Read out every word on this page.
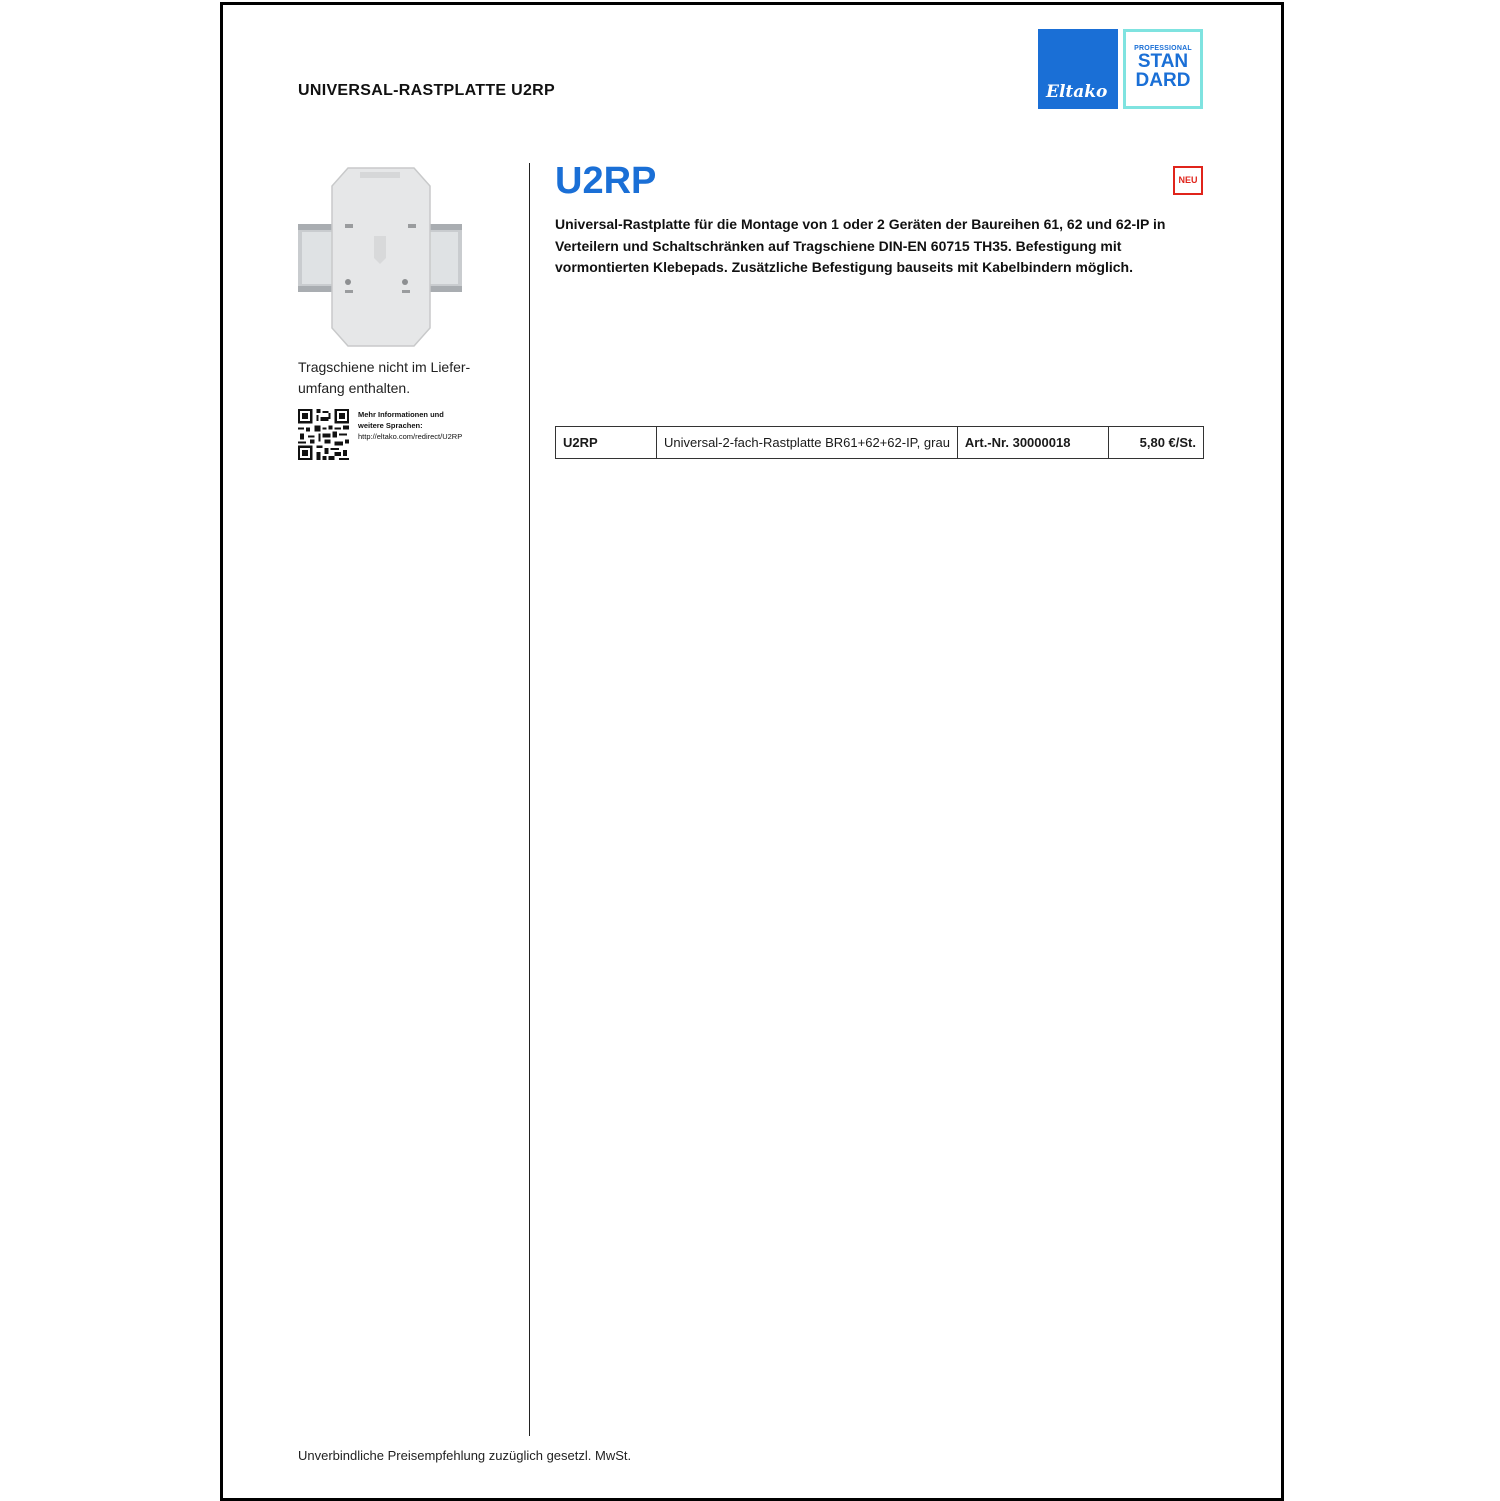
UNIVERSAL-RASTPLATTE U2RP	Eltako
PROFESSIONAL
STAN
DARD
Tragschiene nicht im Liefer-
umfang enthalten.
Mehr Informationen und
weitere Sprachen:
http://eltako.com/redirect/U2RP
U2RP	NEU
Universal-Rastplatte für die Montage von 1 oder 2 Geräten der Baureihen 61, 62 und 62-IP in Verteilern und Schaltschränken auf Tragschiene DIN-EN 60715 TH35. Befestigung mit vormontierten Klebepads. Zusätzliche Befestigung bauseits mit Kabelbindern möglich.
U2RP	Universal-2-fach-Rastplatte BR61+62+62-IP, grau	Art.-Nr. 30000018	5,80 €/St.
Unverbindliche Preisempfehlung zuzüglich gesetzl. MwSt.
